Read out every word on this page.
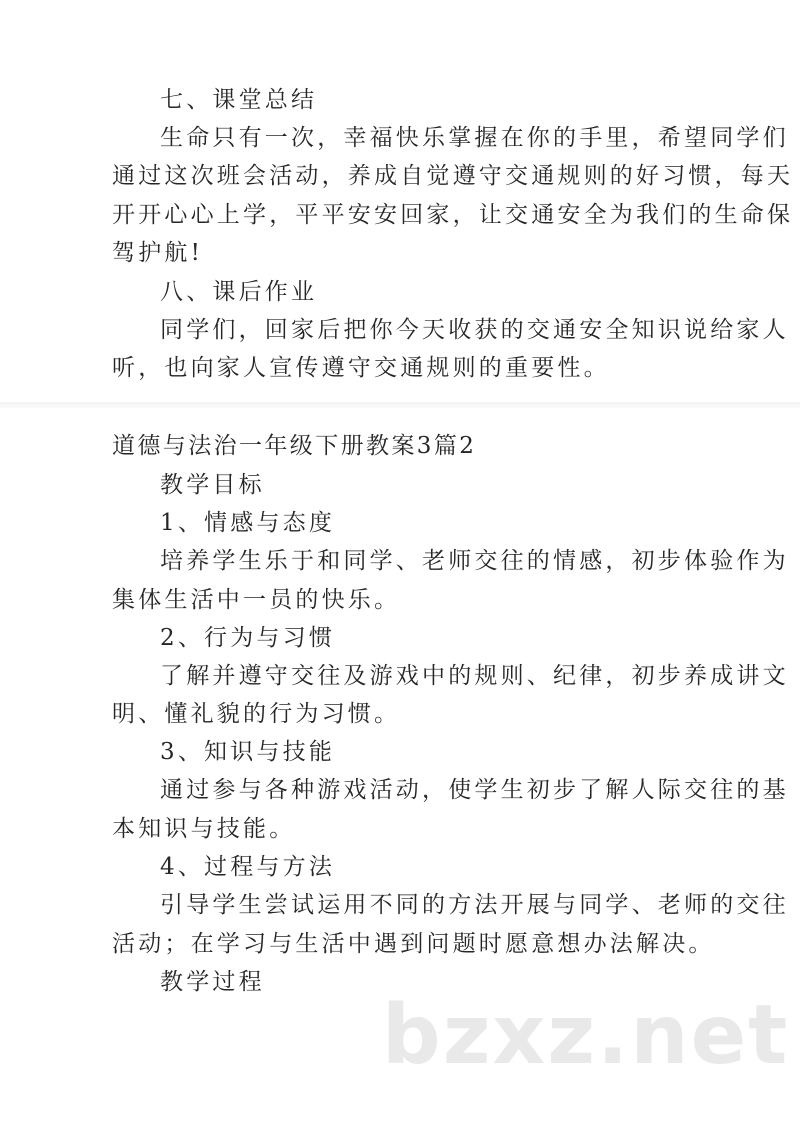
七、课堂总结
生命只有一次，幸福快乐掌握在你的手里，希望同学们
通过这次班会活动，养成自觉遵守交通规则的好习惯，每天
开开心心上学，平平安安回家，让交通安全为我们的生命保
驾护航!
八、课后作业
同学们，回家后把你今天收获的交通安全知识说给家人
听，也向家人宣传遵守交通规则的重要性。
道德与法治一年级下册教案3篇2
教学目标
1、情感与态度
培养学生乐于和同学、老师交往的情感，初步体验作为
集体生活中一员的快乐。
2、行为与习惯
了解并遵守交往及游戏中的规则、纪律，初步养成讲文
明、懂礼貌的行为习惯。
3、知识与技能
通过参与各种游戏活动，使学生初步了解人际交往的基
本知识与技能。
4、过程与方法
引导学生尝试运用不同的方法开展与同学、老师的交往
活动；在学习与生活中遇到问题时愿意想办法解决。
教学过程
bzxz.net
